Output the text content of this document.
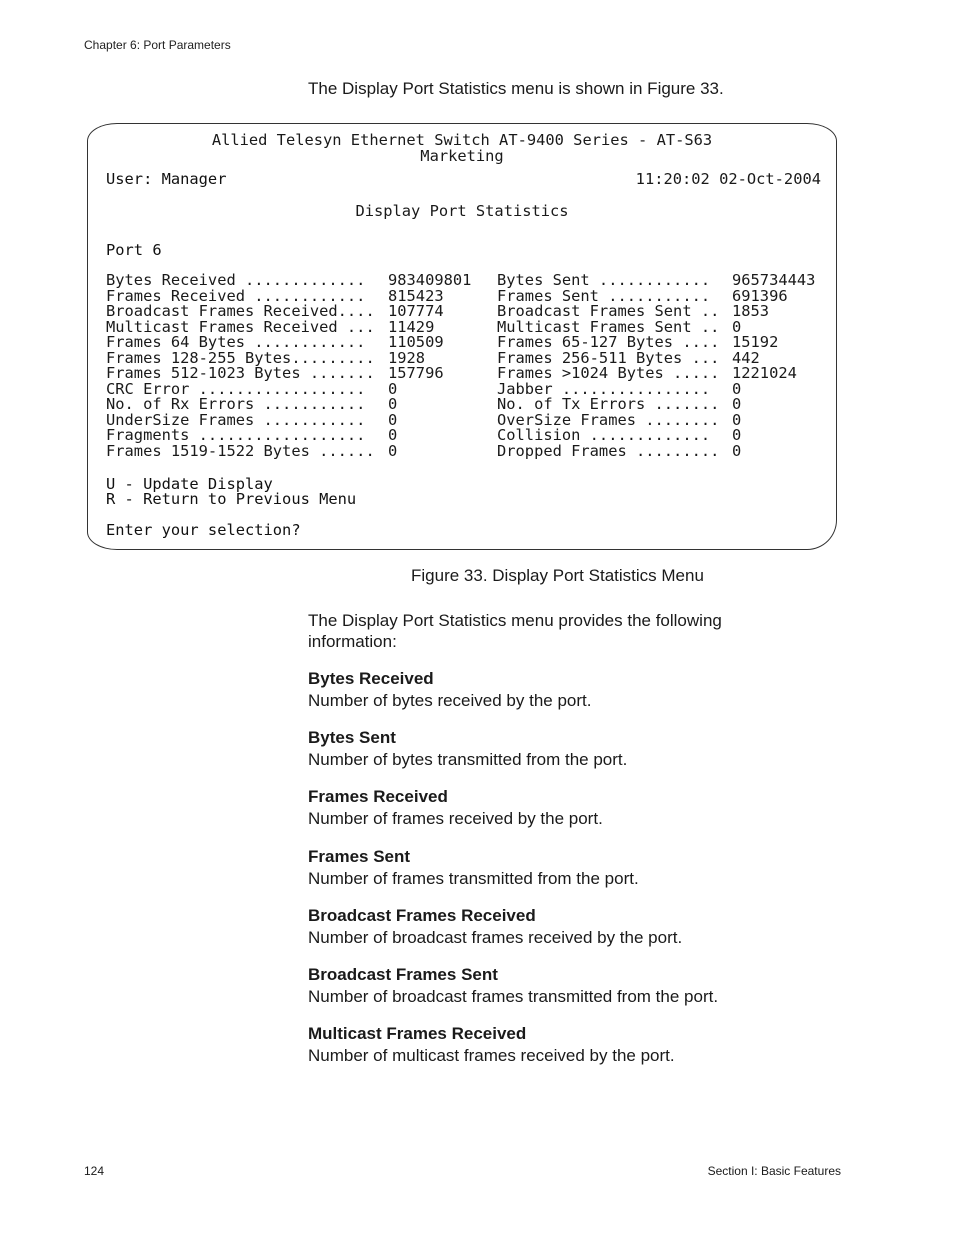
Chapter 6: Port Parameters
The Display Port Statistics menu is shown in Figure 33.
Allied Telesyn Ethernet Switch AT-9400 Series - AT-S63
Marketing
User: Manager	11:20:02 02-Oct-2004
Display Port Statistics
Port 6
Bytes Received .............
Frames Received ............
Broadcast Frames Received....
Multicast Frames Received ...
Frames 64 Bytes ............
Frames 128-255 Bytes.........
Frames 512-1023 Bytes .......
CRC Error ..................
No. of Rx Errors ...........
UnderSize Frames ...........
Fragments ..................
Frames 1519-1522 Bytes ......
983409801
815423
107774
11429
110509
1928
157796
0
0
0
0
0
Bytes Sent ............
Frames Sent ...........
Broadcast Frames Sent ..
Multicast Frames Sent ..
Frames 65-127 Bytes ....
Frames 256-511 Bytes ...
Frames >1024 Bytes .....
Jabber ................
No. of Tx Errors .......
OverSize Frames ........
Collision .............
Dropped Frames .........
965734443
691396
1853
0
15192
442
1221024
0
0
0
0
0
U - Update Display
R - Return to Previous Menu
Enter your selection?
Figure 33. Display Port Statistics Menu
The Display Port Statistics menu provides the following information:
Bytes Received
Number of bytes received by the port.
Bytes Sent
Number of bytes transmitted from the port.
Frames Received
Number of frames received by the port.
Frames Sent
Number of frames transmitted from the port.
Broadcast Frames Received
Number of broadcast frames received by the port.
Broadcast Frames Sent
Number of broadcast frames transmitted from the port.
Multicast Frames Received
Number of multicast frames received by the port.
124	Section I: Basic Features
